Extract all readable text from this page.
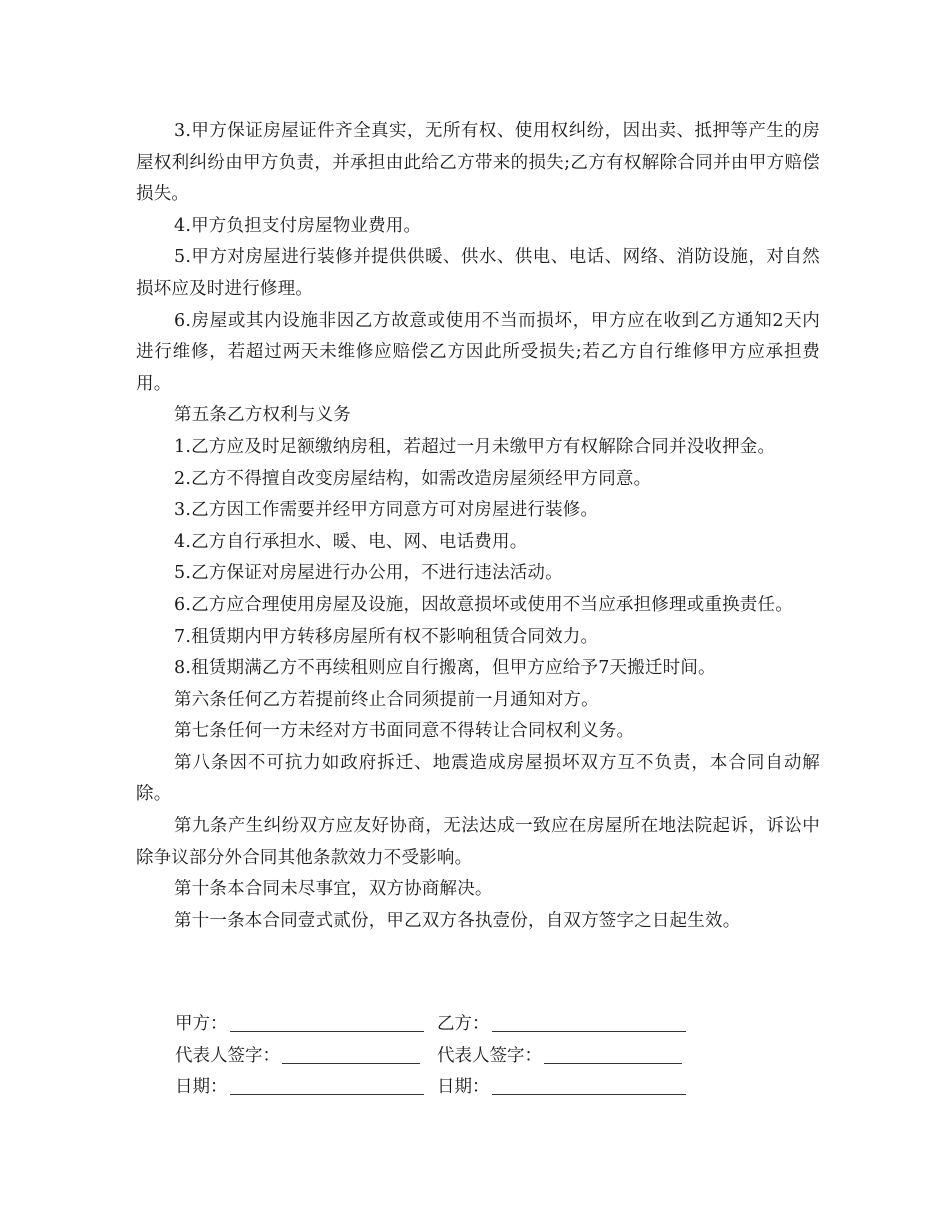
3.甲方保证房屋证件齐全真实，无所有权、使用权纠纷，因出卖、抵押等产生的房屋权利纠纷由甲方负责，并承担由此给乙方带来的损失;乙方有权解除合同并由甲方赔偿损失。

4.甲方负担支付房屋物业费用。

5.甲方对房屋进行装修并提供供暖、供水、供电、电话、网络、消防设施，对自然损坏应及时进行修理。

6.房屋或其内设施非因乙方故意或使用不当而损坏，甲方应在收到乙方通知2天内进行维修，若超过两天未维修应赔偿乙方因此所受损失;若乙方自行维修甲方应承担费用。

第五条乙方权利与义务

1.乙方应及时足额缴纳房租，若超过一月未缴甲方有权解除合同并没收押金。

2.乙方不得擅自改变房屋结构，如需改造房屋须经甲方同意。

3.乙方因工作需要并经甲方同意方可对房屋进行装修。

4.乙方自行承担水、暖、电、网、电话费用。

5.乙方保证对房屋进行办公用，不进行违法活动。

6.乙方应合理使用房屋及设施，因故意损坏或使用不当应承担修理或重换责任。

7.租赁期内甲方转移房屋所有权不影响租赁合同效力。

8.租赁期满乙方不再续租则应自行搬离，但甲方应给予7天搬迁时间。

第六条任何乙方若提前终止合同须提前一月通知对方。

第七条任何一方未经对方书面同意不得转让合同权利义务。

第八条因不可抗力如政府拆迁、地震造成房屋损坏双方互不负责，本合同自动解除。

第九条产生纠纷双方应友好协商，无法达成一致应在房屋所在地法院起诉，诉讼中除争议部分外合同其他条款效力不受影响。

第十条本合同未尽事宜，双方协商解决。

第十一条本合同壹式贰份，甲乙双方各执壹份，自双方签字之日起生效。

甲方：	乙方：
代表人签字：	代表人签字：
日期：	日期：
